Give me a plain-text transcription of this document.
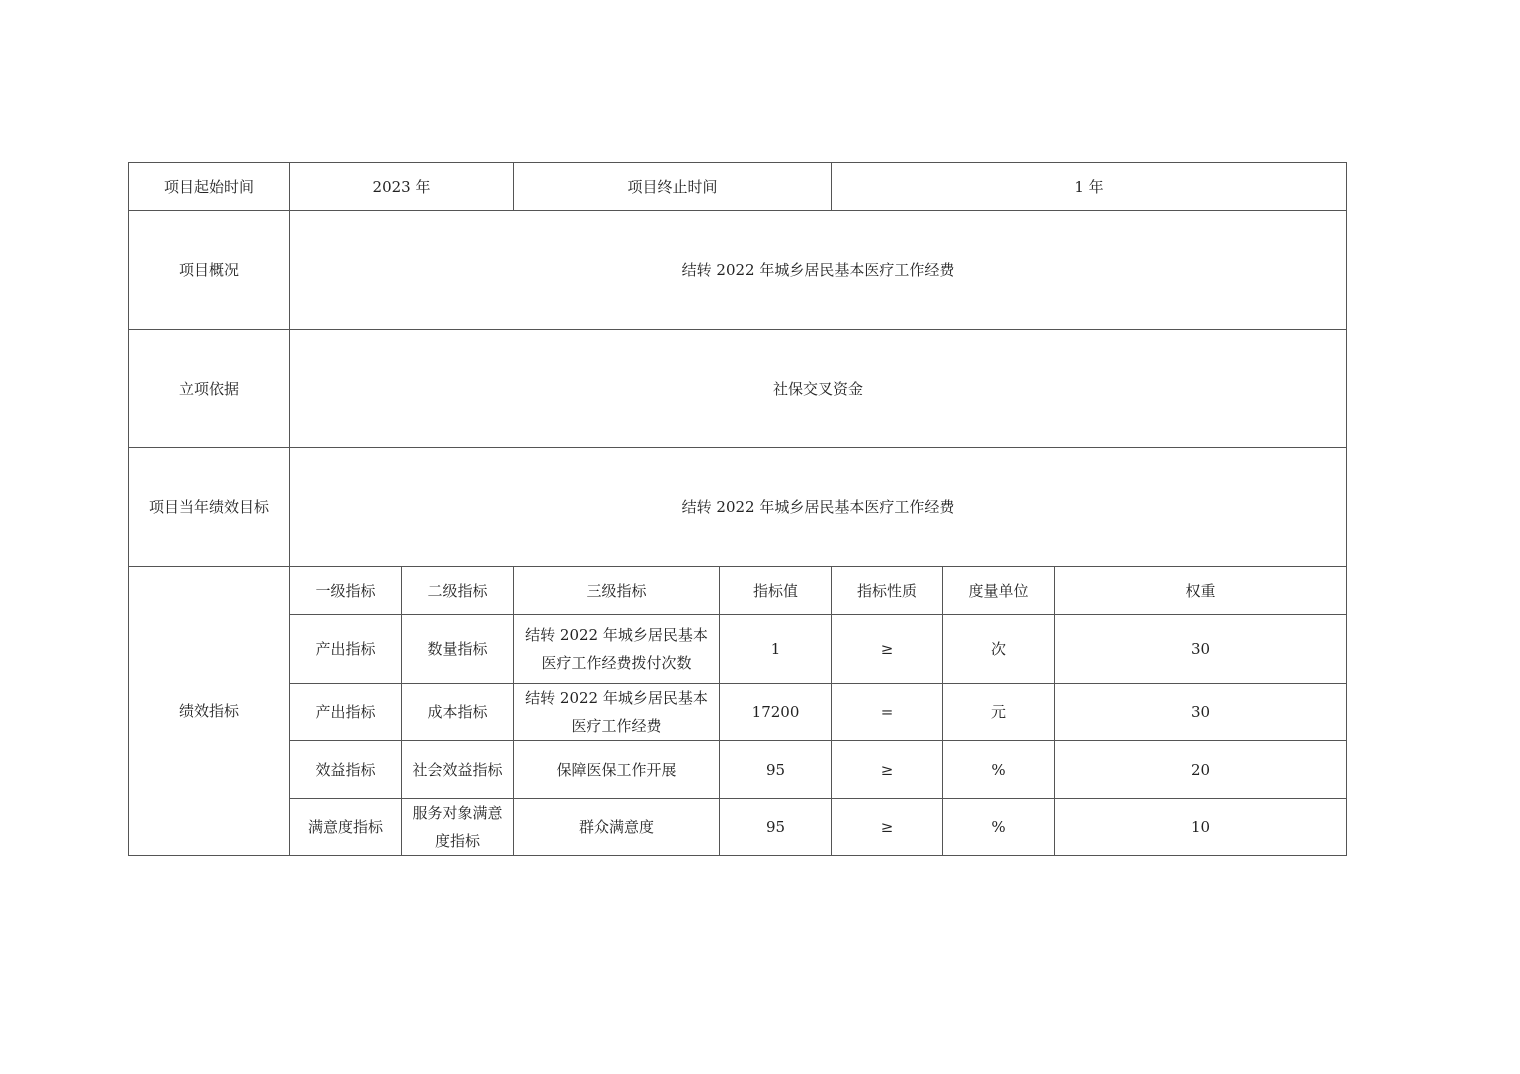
项目起始时间	2023 年		项目终止时间		1 年		
项目概况	结转 2022 年城乡居民基本医疗工作经费						
立项依据	社保交叉资金						
项目当年绩效目标	结转 2022 年城乡居民基本医疗工作经费						
绩效指标	一级指标	二级指标	三级指标	指标值	指标性质	度量单位	权重
	产出指标	数量指标	结转 2022 年城乡居民基本医疗工作经费拨付次数	1	≥	次	30
	产出指标	成本指标	结转 2022 年城乡居民基本医疗工作经费	17200	=	元	30
	效益指标	社会效益指标	保障医保工作开展	95	≥	%	20
	满意度指标	服务对象满意度指标	群众满意度	95	≥	%	10
